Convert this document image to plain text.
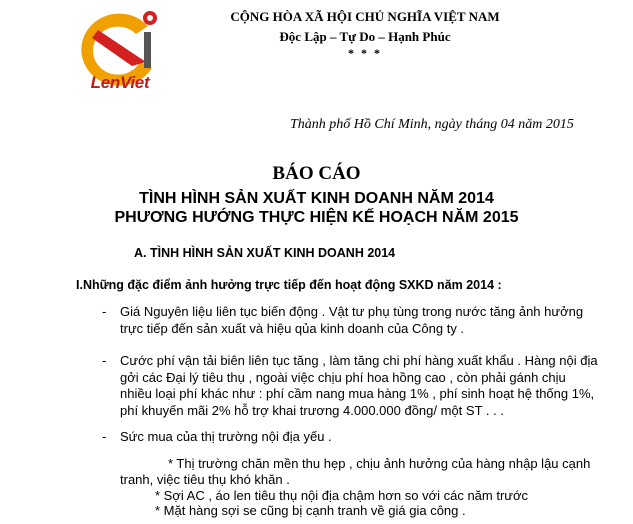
LenViet
CỘNG HÒA XÃ HỘI CHỦ NGHĨA VIỆT NAM
Độc Lập – Tự Do – Hạnh Phúc
* * *
Thành phố Hồ Chí Minh, ngày tháng 04 năm 2015
BÁO CÁO
TÌNH HÌNH SẢN XUẤT KINH DOANH NĂM 2014
PHƯƠNG HƯỚNG THỰC HIỆN KẾ HOẠCH NĂM 2015
A. TÌNH HÌNH SẢN XUẤT KINH DOANH 2014
I.Những đặc điểm ảnh hưởng trực tiếp đến hoạt động SXKD năm 2014 :
- Giá Nguyên liệu liên tục biến động . Vật tư phụ tùng trong nước tăng ảnh hưởng
trực tiếp đến sản xuất và hiệu qủa kinh doanh của Công ty .
- Cước phí vận tải biên liên tục tăng , làm tăng chi phí hàng xuất khẩu . Hàng nội địa
gởi các Đại lý tiêu thụ , ngoài việc chịu phí hoa hồng cao , còn phải gánh chịu
nhiều loại phí khác như : phí cầm nang mua hàng 1% , phí sinh hoạt hệ thống 1%,
phí khuyến mãi 2% hỗ trợ khai trương 4.000.000 đồng/ một ST . . .
- Sức mua của thị trường nội địa yếu .
* Thị trường chăn mền thu hẹp , chịu ảnh hưởng của hàng nhập lậu cạnh
tranh, việc tiêu thụ khó khăn .
* Sợi AC , áo len tiêu thụ nội địa chậm hơn so với các năm trước
* Mặt hàng sợi se cũng bị cạnh tranh về giá gia công .
